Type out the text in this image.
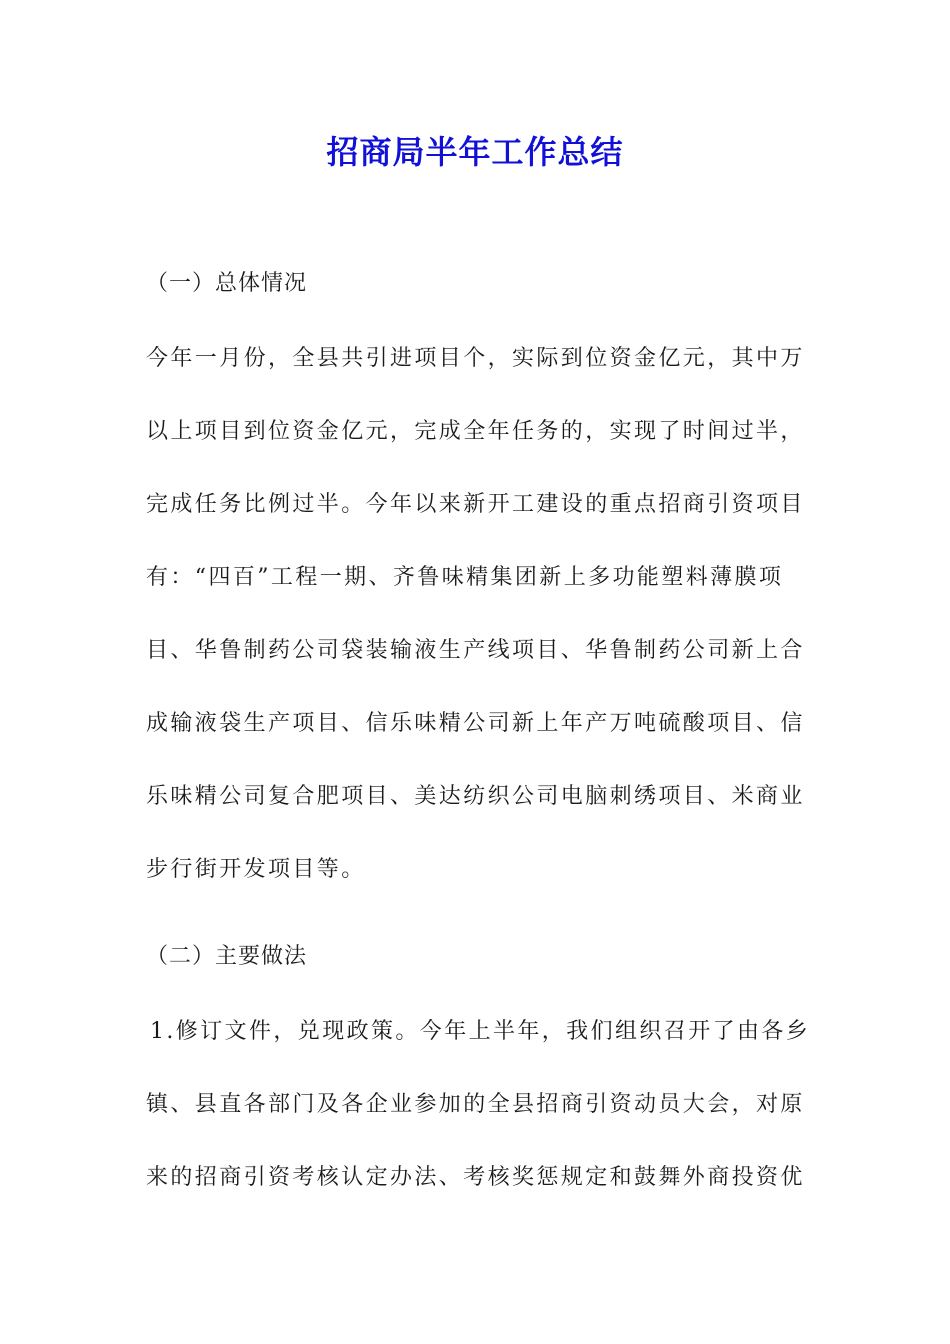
招商局半年工作总结

（一）总体情况

今年一月份，全县共引进项目个，实际到位资金亿元，其中万
以上项目到位资金亿元，完成全年任务的，实现了时间过半，
完成任务比例过半。今年以来新开工建设的重点招商引资项目
有：“四百”工程一期、齐鲁味精集团新上多功能塑料薄膜项
目、华鲁制药公司袋装输液生产线项目、华鲁制药公司新上合
成输液袋生产项目、信乐味精公司新上年产万吨硫酸项目、信
乐味精公司复合肥项目、美达纺织公司电脑刺绣项目、米商业
步行街开发项目等。

（二）主要做法

1.修订文件，兑现政策。今年上半年，我们组织召开了由各乡
镇、县直各部门及各企业参加的全县招商引资动员大会，对原
来的招商引资考核认定办法、考核奖惩规定和鼓舞外商投资优
